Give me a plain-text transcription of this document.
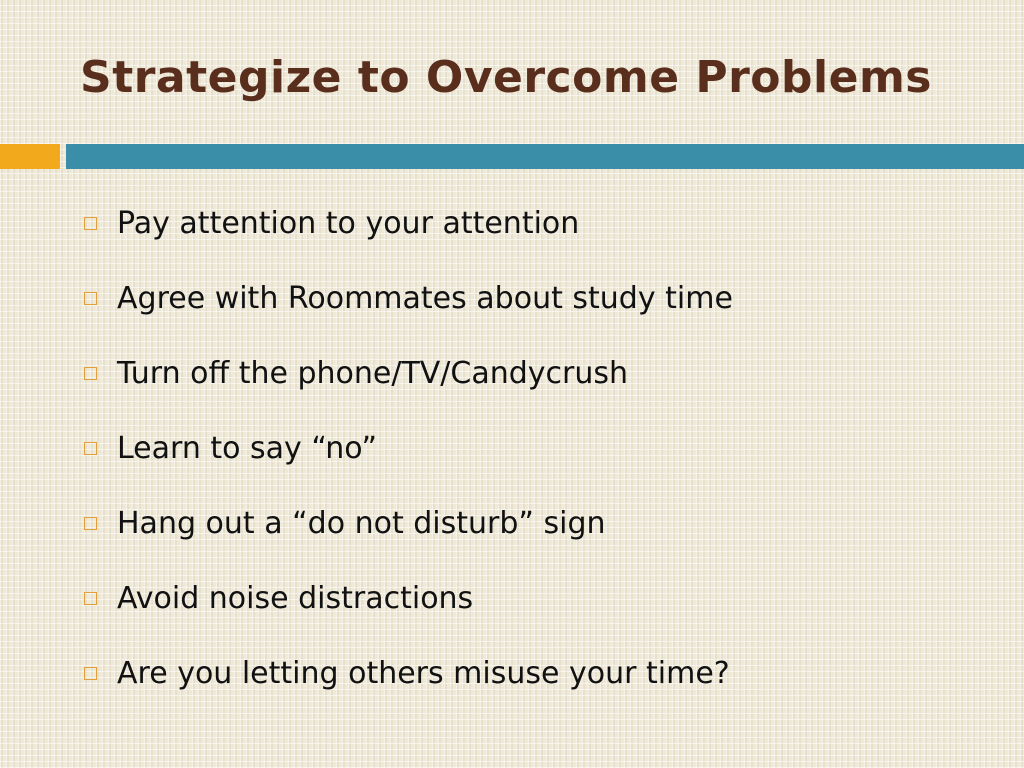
Strategize to Overcome Problems
Pay attention to your attention
Agree with Roommates about study time
Turn off the phone/TV/Candycrush
Learn to say “no”
Hang out a “do not disturb” sign
Avoid noise distractions
Are you letting others misuse your time?
